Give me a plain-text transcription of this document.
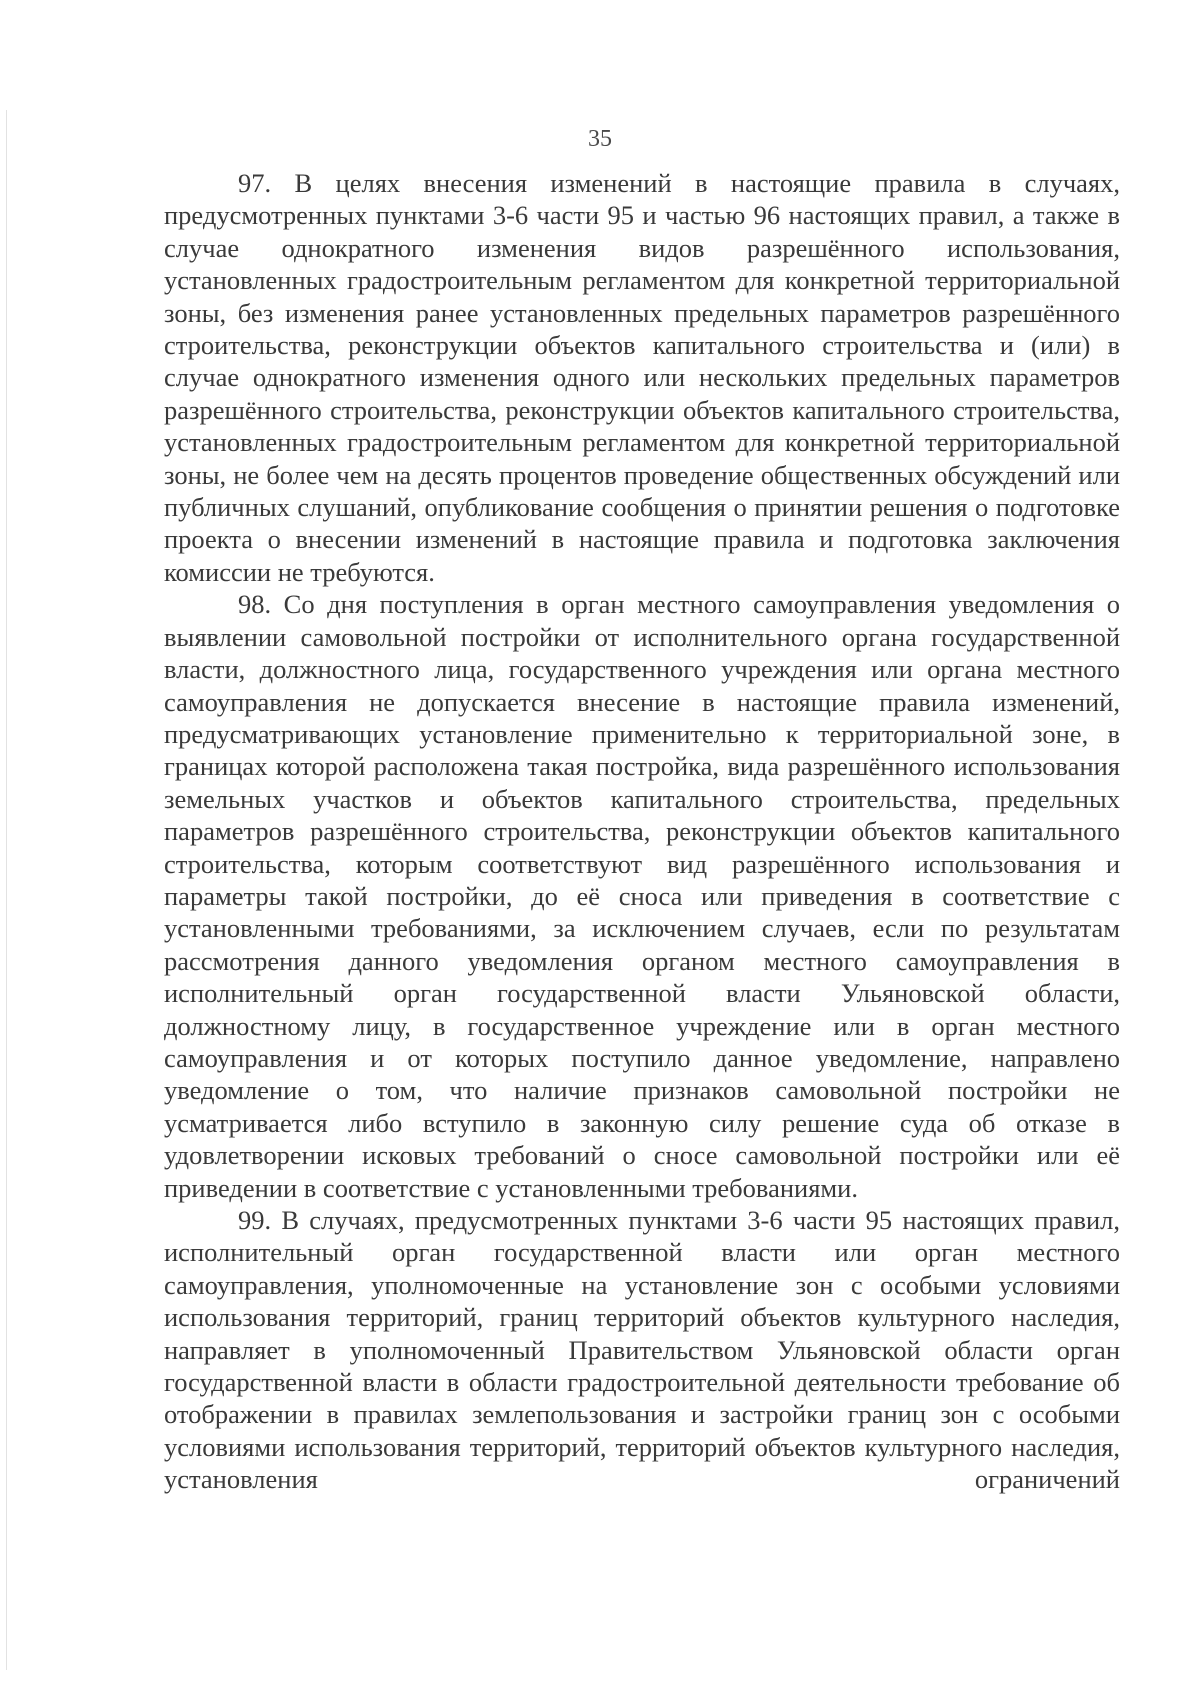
35

97. В целях внесения изменений в настоящие правила в случаях, предусмотренных пунктами 3-6 части 95 и частью 96 настоящих правил, а также в случае однократного изменения видов разрешённого использования, установленных градостроительным регламентом для конкретной территориальной зоны, без изменения ранее установленных предельных параметров разрешённого строительства, реконструкции объектов капитального строительства и (или) в случае однократного изменения одного или нескольких предельных параметров разрешённого строительства, реконструкции объектов капитального строительства, установленных градостроительным регламентом для конкретной территориальной зоны, не более чем на десять процентов проведение общественных обсуждений или публичных слушаний, опубликование сообщения о принятии решения о подготовке проекта о внесении изменений в настоящие правила и подготовка заключения комиссии не требуются.

98. Со дня поступления в орган местного самоуправления уведомления о выявлении самовольной постройки от исполнительного органа государственной власти, должностного лица, государственного учреждения или органа местного самоуправления не допускается внесение в настоящие правила изменений, предусматривающих установление применительно к территориальной зоне, в границах которой расположена такая постройка, вида разрешённого использования земельных участков и объектов капитального строительства, предельных параметров разрешённого строительства, реконструкции объектов капитального строительства, которым соответствуют вид разрешённого использования и параметры такой постройки, до её сноса или приведения в соответствие с установленными требованиями, за исключением случаев, если по результатам рассмотрения данного уведомления органом местного самоуправления в исполнительный орган государственной власти Ульяновской области, должностному лицу, в государственное учреждение или в орган местного самоуправления и от которых поступило данное уведомление, направлено уведомление о том, что наличие признаков самовольной постройки не усматривается либо вступило в законную силу решение суда об отказе в удовлетворении исковых требований о сносе самовольной постройки или её приведении в соответствие с установленными требованиями.

99. В случаях, предусмотренных пунктами 3-6 части 95 настоящих правил, исполнительный орган государственной власти или орган местного самоуправления, уполномоченные на установление зон с особыми условиями использования территорий, границ территорий объектов культурного наследия, направляет в уполномоченный Правительством Ульяновской области орган государственной власти в области градостроительной деятельности требование об отображении в правилах землепользования и застройки границ зон с особыми условиями использования территорий, территорий объектов культурного наследия, установления ограничений
